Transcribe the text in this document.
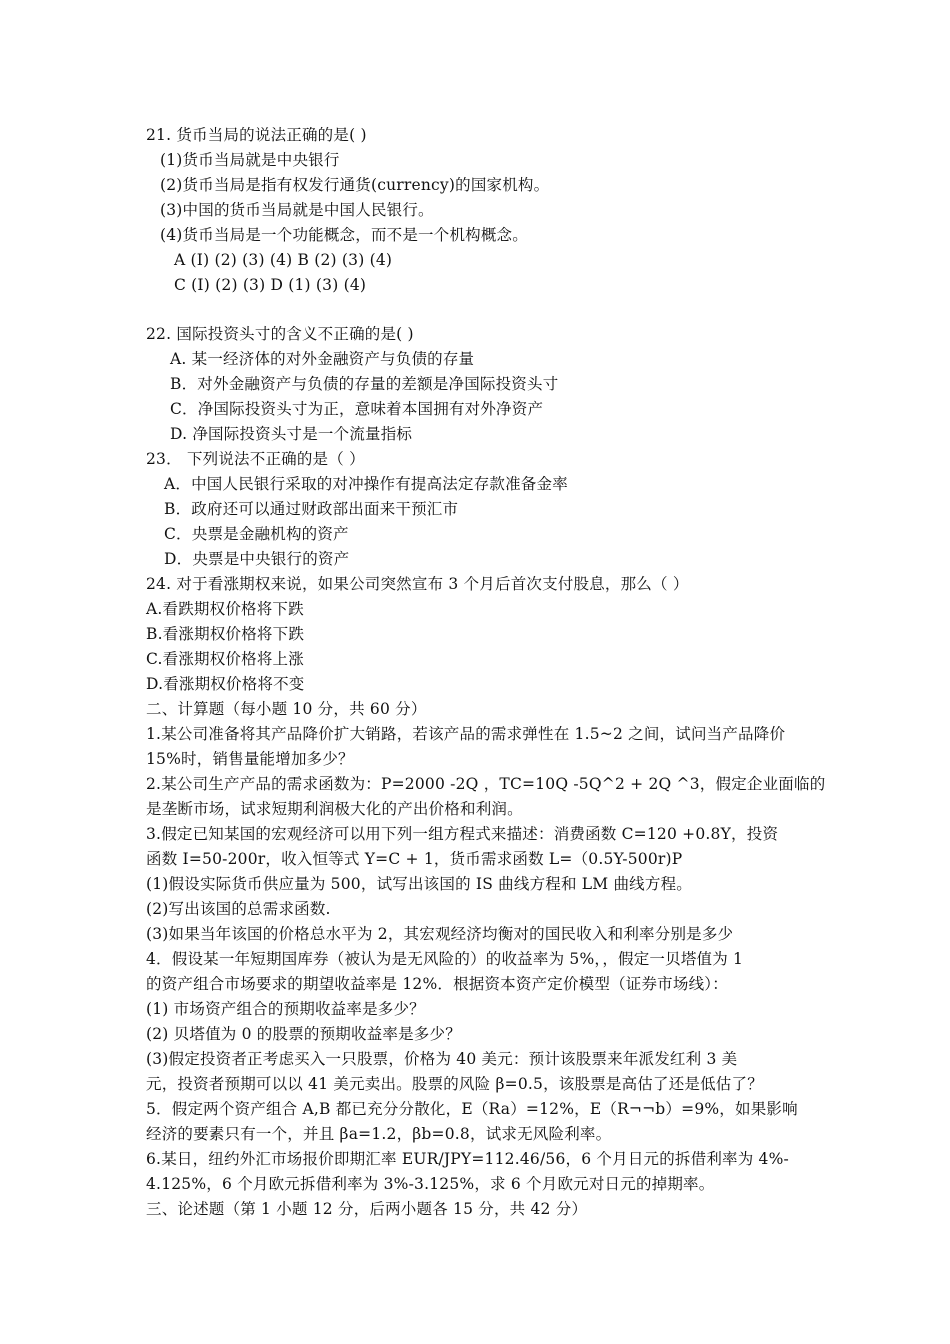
21. 货币当局的说法正确的是( )
(1)货币当局就是中央银行
(2)货币当局是指有权发行通货(currency)的国家机构。
(3)中国的货币当局就是中国人民银行。
(4)货币当局是一个功能概念，而不是一个机构概念。
A (I) (2) (3) (4) B (2) (3) (4)
C (I) (2) (3) D (1) (3) (4)
22. 国际投资头寸的含义不正确的是( )
A. 某一经济体的对外金融资产与负债的存量
B．对外金融资产与负债的存量的差额是净国际投资头寸
C．净国际投资头寸为正，意味着本国拥有对外净资产
D. 净国际投资头寸是一个流量指标
23． 下列说法不正确的是（ ）
A．中国人民银行采取的对冲操作有提高法定存款准备金率
B．政府还可以通过财政部出面来干预汇市
C．央票是金融机构的资产
D．央票是中央银行的资产
24. 对于看涨期权来说，如果公司突然宣布 3 个月后首次支付股息，那么（ ）
A.看跌期权价格将下跌
B.看涨期权价格将下跌
C.看涨期权价格将上涨
D.看涨期权价格将不变
二、计算题（每小题 10 分，共 60 分）
1.某公司准备将其产品降价扩大销路，若该产品的需求弹性在 1.5~2 之间，试问当产品降价
15%时，销售量能增加多少？
2.某公司生产产品的需求函数为：P=2000 -2Q ，TC=10Q -5Q^2 + 2Q ^3，假定企业面临的
是垄断市场，试求短期利润极大化的产出价格和利润。
3.假定已知某国的宏观经济可以用下列一组方程式来描述：消费函数 C=120 +0.8Y，投资
函数 I=50-200r，收入恒等式 Y=C + 1，货币需求函数 L=（0.5Y-500r)P
(1)假设实际货币供应量为 500，试写出该国的 IS 曲线方程和 LM 曲线方程。
(2)写出该国的总需求函数.
(3)如果当年该国的价格总水平为 2，其宏观经济均衡对的国民收入和利率分别是多少
4．假设某一年短期国库券（被认为是无风险的）的收益率为 5%，，假定一贝塔值为 1
的资产组合市场要求的期望收益率是 12%．根据资本资产定价模型（证券市场线）：
(1) 市场资产组合的预期收益率是多少？
(2) 贝塔值为 0 的股票的预期收益率是多少？
(3)假定投资者正考虑买入一只股票，价格为 40 美元：预计该股票来年派发红利 3 美
元，投资者预期可以以 41 美元卖出。股票的风险 β=0.5，该股票是高估了还是低估了？
5．假定两个资产组合 A,B 都已充分分散化，E（Ra）=12%，E（R¬¬b）=9%，如果影响
经济的要素只有一个，并且 βa=1.2，βb=0.8，试求无风险利率。
6.某日，纽约外汇市场报价即期汇率 EUR/JPY=112.46/56，6 个月日元的拆借利率为 4%-
4.125%，6 个月欧元拆借利率为 3%-3.125%，求 6 个月欧元对日元的掉期率。
三、论述题（第 1 小题 12 分，后两小题各 15 分，共 42 分）
